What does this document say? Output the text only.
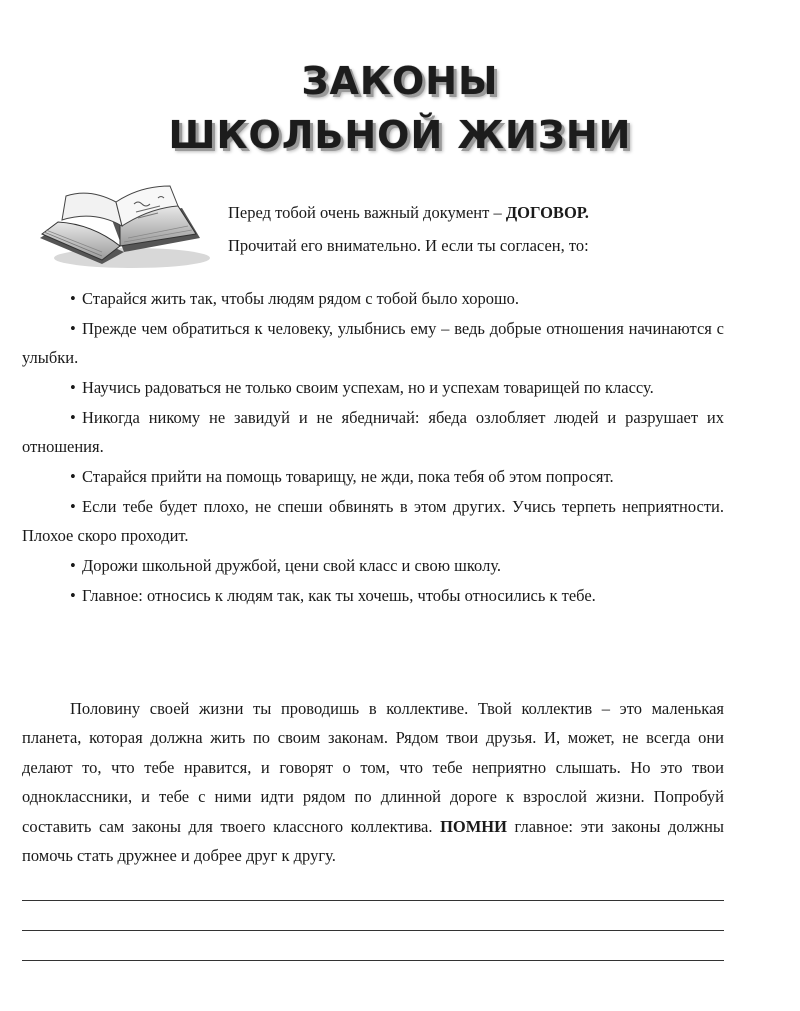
ЗАКОНЫ
ШКОЛЬНОЙ ЖИЗНИ
Перед тобой очень важный документ – ДОГОВОР.
Прочитай его внимательно. И если ты согласен, то:

• Старайся жить так, чтобы людям рядом с тобой было хорошо.

• Прежде чем обратиться к человеку, улыбнись ему – ведь добрые отношения начинаются с улыбки.

• Научись радоваться не только своим успехам, но и успехам товарищей по классу.

• Никогда никому не завидуй и не ябедничай: ябеда озлобляет людей и разрушает их отношения.

• Старайся прийти на помощь товарищу, не жди, пока тебя об этом попросят.

• Если тебе будет плохо, не спеши обвинять в этом других. Учись терпеть неприятности. Плохое скоро проходит.

• Дорожи школьной дружбой, цени свой класс и свою школу.

• Главное: относись к людям так, как ты хочешь, чтобы относились к тебе.

Половину своей жизни ты проводишь в коллективе. Твой коллектив – это маленькая планета, которая должна жить по своим законам. Рядом твои друзья. И, может, не всегда они делают то, что тебе нравится, и говорят о том, что тебе неприятно слышать. Но это твои одноклассники, и тебе с ними идти рядом по длинной дороге к взрослой жизни. Попробуй составить сам законы для твоего классного коллектива. ПОМНИ главное: эти законы должны помочь стать дружнее и добрее друг к другу.
